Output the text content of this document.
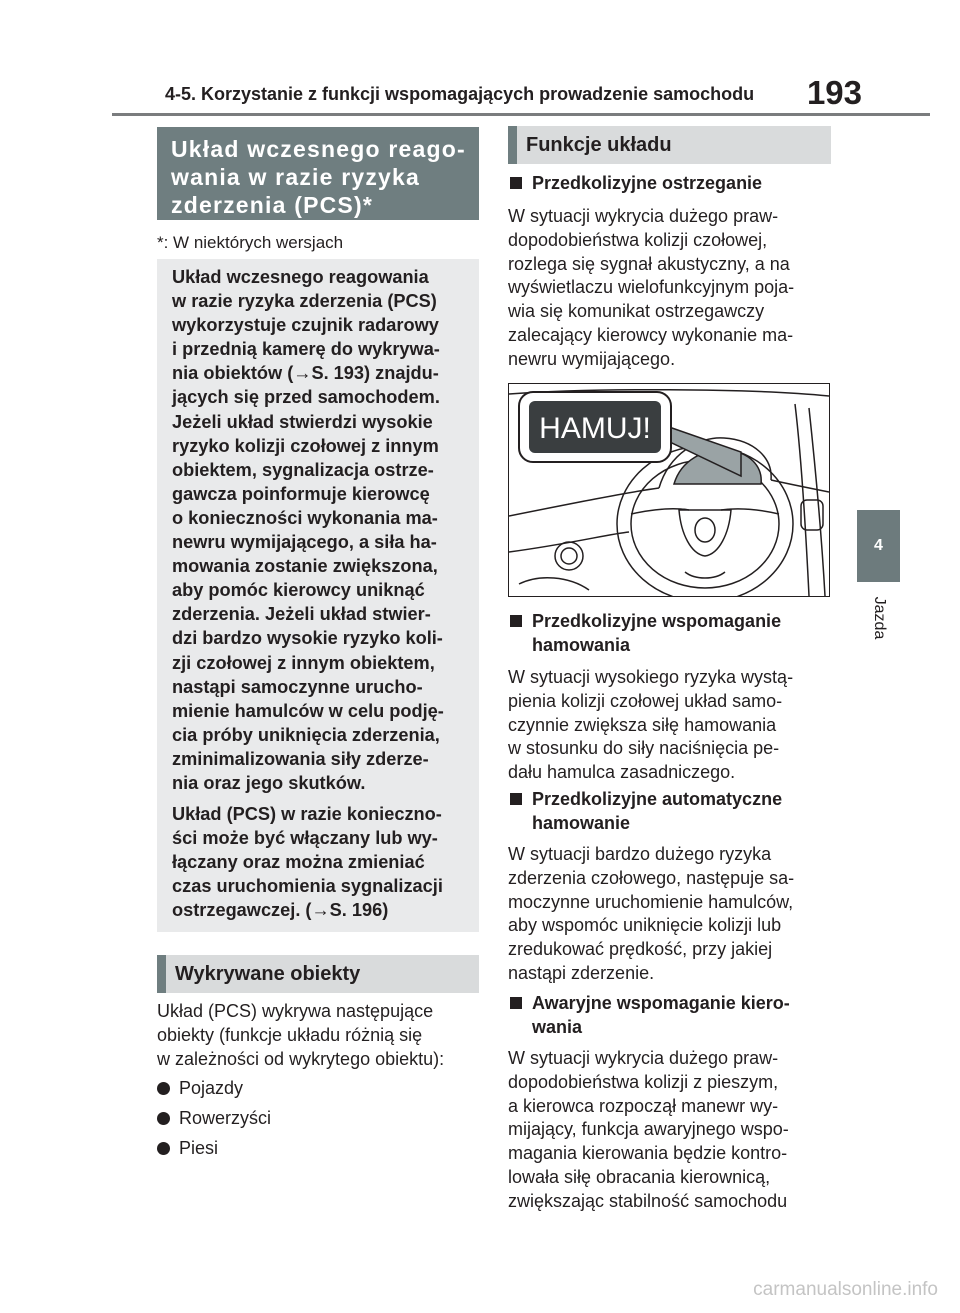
4-5. Korzystanie z funkcji wspomagających prowadzenie samochodu	193
4
Jazda
Układ wczesnego reago-
wania w razie ryzyka
zderzenia (PCS)*
*: W niektórych wersjach

Układ wczesnego reagowania
w razie ryzyka zderzenia (PCS)
wykorzystuje czujnik radarowy
i przednią kamerę do wykrywa-
nia obiektów (→S. 193) znajdu-
jących się przed samochodem.
Jeżeli układ stwierdzi wysokie
ryzyko kolizji czołowej z innym
obiektem, sygnalizacja ostrze-
gawcza poinformuje kierowcę
o konieczności wykonania ma-
newru wymijającego, a siła ha-
mowania zostanie zwiększona,
aby pomóc kierowcy uniknąć
zderzenia. Jeżeli układ stwier-
dzi bardzo wysokie ryzyko koli-
zji czołowej z innym obiektem,
nastąpi samoczynne urucho-
mienie hamulców w celu podję-
cia próby uniknięcia zderzenia,
zminimalizowania siły zderze-
nia oraz jego skutków.

Układ (PCS) w razie konieczno-
ści może być włączany lub wy-
łączany oraz można zmieniać
czas uruchomienia sygnalizacji
ostrzegawczej. (→S. 196)

Wykrywane obiekty
Układ (PCS) wykrywa następujące
obiekty (funkcje układu różnią się
w zależności od wykrytego obiektu):
Pojazdy
Rowerzyści
Piesi
Funkcje układu
Przedkolizyjne ostrzeganie
W sytuacji wykrycia dużego praw-
dopodobieństwa kolizji czołowej,
rozlega się sygnał akustyczny, a na
wyświetlaczu wielofunkcyjnym poja-
wia się komunikat ostrzegawczy
zalecający kierowcy wykonanie ma-
newru wymijającego.
HAMUJ!
Przedkolizyjne wspomaganie
hamowania
W sytuacji wysokiego ryzyka wystą-
pienia kolizji czołowej układ samo-
czynnie zwiększa siłę hamowania
w stosunku do siły naciśnięcia pe-
dału hamulca zasadniczego.
Przedkolizyjne automatyczne
hamowanie
W sytuacji bardzo dużego ryzyka
zderzenia czołowego, następuje sa-
moczynne uruchomienie hamulców,
aby wspomóc uniknięcie kolizji lub
zredukować prędkość, przy jakiej
nastąpi zderzenie.
Awaryjne wspomaganie kiero-
wania
W sytuacji wykrycia dużego praw-
dopodobieństwa kolizji z pieszym,
a kierowca rozpoczął manewr wy-
mijający, funkcja awaryjnego wspo-
magania kierowania będzie kontro-
lowała siłę obracania kierownicą,
zwiększając stabilność samochodu
carmanualsonline.info
